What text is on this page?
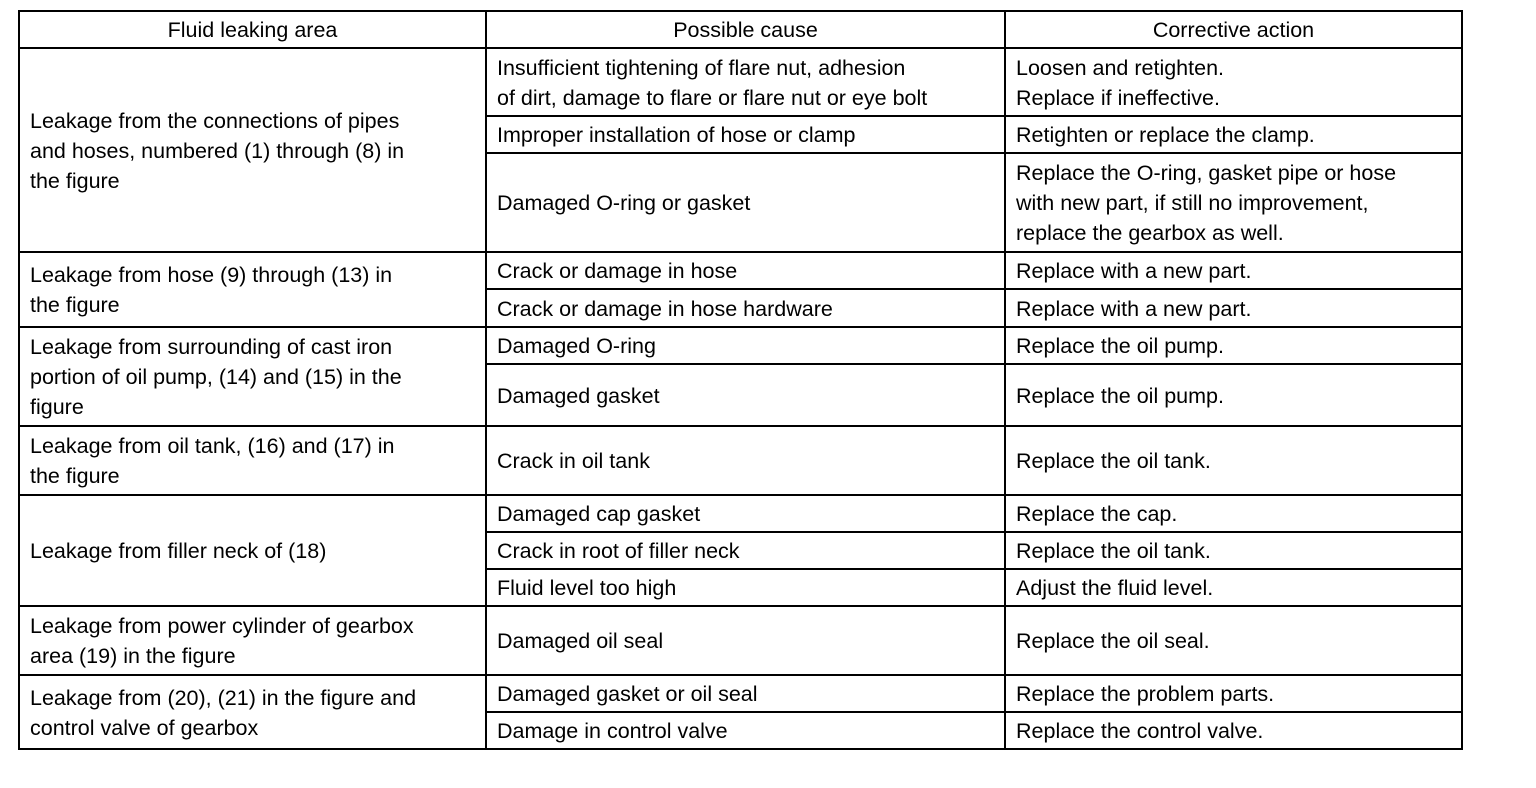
Fluid leaking area	Possible cause	Corrective action
Leakage from the connections of pipes
and hoses, numbered (1) through (8) in
the figure	Insufficient tightening of flare nut, adhesion
of dirt, damage to flare or flare nut or eye bolt	Loosen and retighten.
Replace if ineffective.
	Improper installation of hose or clamp	Retighten or replace the clamp.
	Damaged O-ring or gasket	Replace the O-ring, gasket pipe or hose
with new part, if still no improvement,
replace the gearbox as well.
Leakage from hose (9) through (13) in
the figure	Crack or damage in hose	Replace with a new part.
	Crack or damage in hose hardware	Replace with a new part.
Leakage from surrounding of cast iron
portion of oil pump, (14) and (15) in the
figure	Damaged O-ring	Replace the oil pump.
	Damaged gasket	Replace the oil pump.
Leakage from oil tank, (16) and (17) in
the figure	Crack in oil tank	Replace the oil tank.
Leakage from filler neck of (18)	Damaged cap gasket	Replace the cap.
	Crack in root of filler neck	Replace the oil tank.
	Fluid level too high	Adjust the fluid level.
Leakage from power cylinder of gearbox
area (19) in the figure	Damaged oil seal	Replace the oil seal.
Leakage from (20), (21) in the figure and
control valve of gearbox	Damaged gasket or oil seal	Replace the problem parts.
	Damage in control valve	Replace the control valve.
